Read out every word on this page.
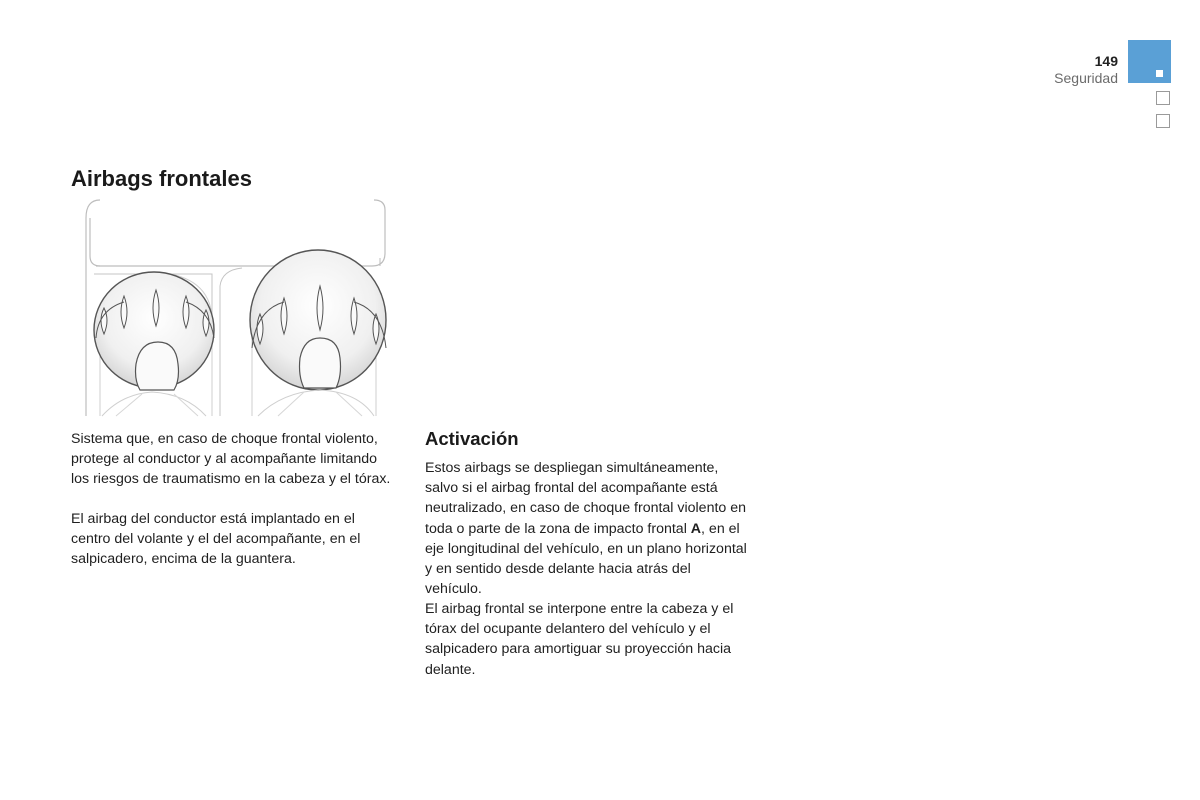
149
Seguridad
Airbags frontales

Sistema que, en caso de choque frontal violento, protege al conductor y al acompañante limitando los riesgos de traumatismo en la cabeza y el tórax.

El airbag del conductor está implantado en el centro del volante y el del acompañante, en el salpicadero, encima de la guantera.

Activación

Estos airbags se despliegan simultáneamente, salvo si el airbag frontal del acompañante está neutralizado, en caso de choque frontal violento en toda o parte de la zona de impacto frontal A, en el eje longitudinal del vehículo, en un plano horizontal y en sentido desde delante hacia atrás del vehículo.

El airbag frontal se interpone entre la cabeza y el tórax del ocupante delantero del vehículo y el salpicadero para amortiguar su proyección hacia delante.
